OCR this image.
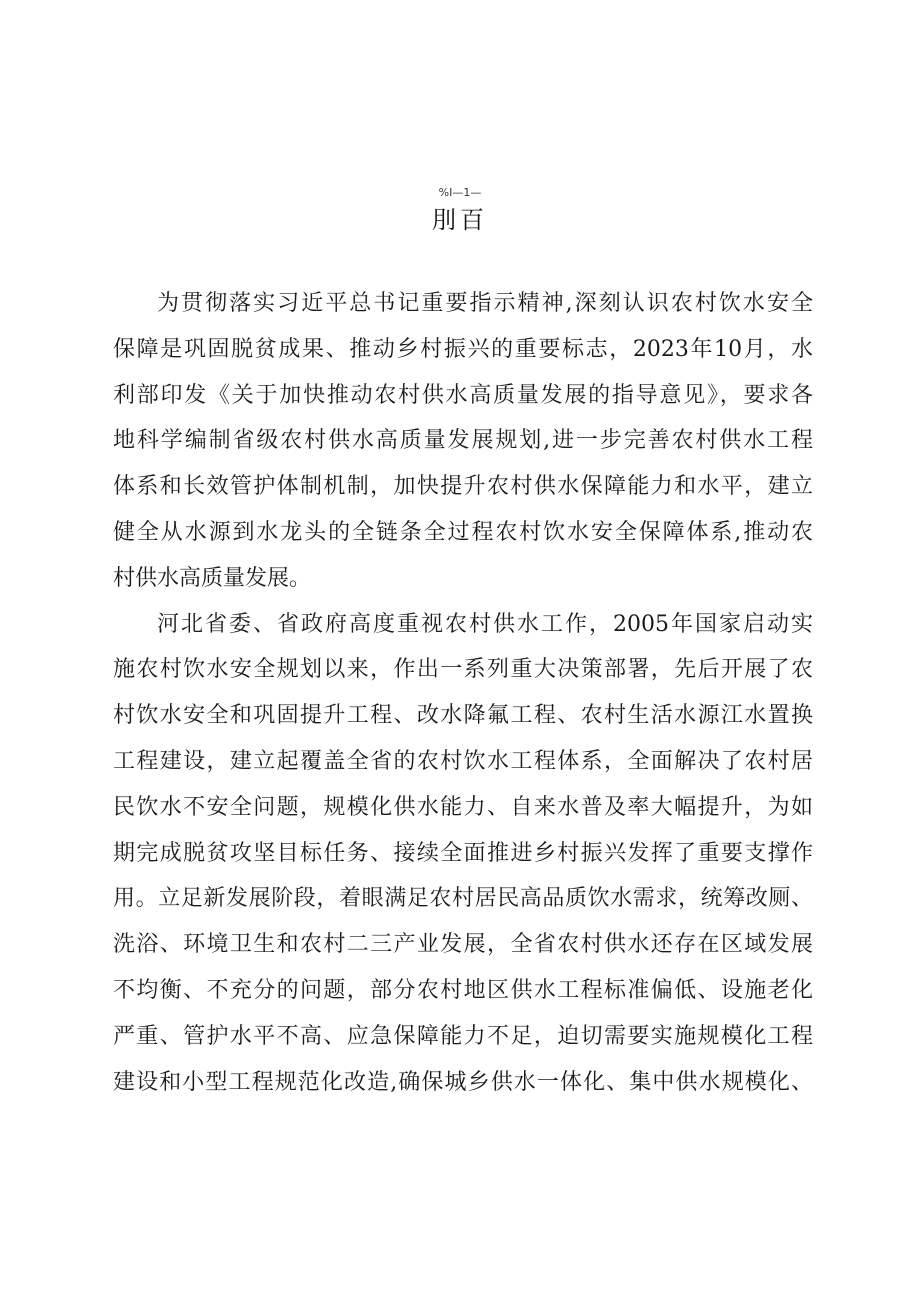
%I—1—
刖百
为贯彻落实习近平总书记重要指示精神,深刻认识农村饮水安全
保障是巩固脱贫成果、推动乡村振兴的重要标志，2023年10月，水
利部印发《关于加快推动农村供水高质量发展的指导意见》，要求各
地科学编制省级农村供水高质量发展规划,进一步完善农村供水工程
体系和长效管护体制机制，加快提升农村供水保障能力和水平，建立
健全从水源到水龙头的全链条全过程农村饮水安全保障体系,推动农
村供水高质量发展。
河北省委、省政府高度重视农村供水工作，2005年国家启动实
施农村饮水安全规划以来，作出一系列重大决策部署，先后开展了农
村饮水安全和巩固提升工程、改水降氟工程、农村生活水源江水置换
工程建设，建立起覆盖全省的农村饮水工程体系，全面解决了农村居
民饮水不安全问题，规模化供水能力、自来水普及率大幅提升，为如
期完成脱贫攻坚目标任务、接续全面推进乡村振兴发挥了重要支撑作
用。立足新发展阶段，着眼满足农村居民高品质饮水需求，统筹改厕、
洗浴、环境卫生和农村二三产业发展，全省农村供水还存在区域发展
不均衡、不充分的问题，部分农村地区供水工程标准偏低、设施老化
严重、管护水平不高、应急保障能力不足，迫切需要实施规模化工程
建设和小型工程规范化改造,确保城乡供水一体化、集中供水规模化、
